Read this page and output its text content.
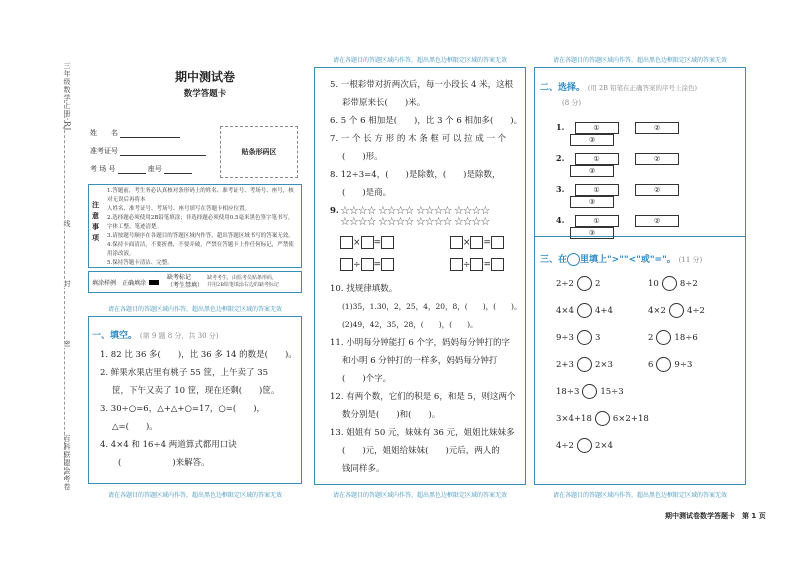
三年级数学上册·RJ
线
封
密
百科联盟金考卷
期中测试卷
数学答题卡
姓　　名
准考证号
考 场 号	座号
贴条形码区
注意事项
1.答题前，考生务必认真核对条形码上的姓名、准考证号、考场号、座号，核对无误后再将本
人姓名、准考证号、考场号、座号填写在答题卡相应位置。
2.选择题必须使用2B铅笔填涂；非选择题必须使用0.5毫米黑色签字笔书写，字体工整、笔迹清楚。
3.请按题号顺序在各题目的答题区域内作答，超出答题区域书写的答案无效。
4.保持卡面清洁，不要折叠，不要弄破，严禁在答题卡上作任何标记，严禁使用涂改液。
5.保持答题卡清洁、完整。
填涂样例 正确填涂
缺考标记（考生禁填）
缺考考生，由监考员贴条形码，并用2B铅笔填涂右边的缺考标记
请在各题目的答题区域内作答，超出黑色边框限定区域的答案无效
一、填空。 (第 9 题 8 分，共 30 分)
1. 82 比 36 多(　　)，比 36 多 14 的数是(　　)。
2. 鲜果水果店里有桃子 55 筐，上午卖了 35
筐，下午又卖了 10 筐，现在还剩(　　)筐。
3. 30÷○=6，△+△+○=17，○=(　　)，
△=(　　)。
4. 4×4 和 16÷4 两道算式都用口诀
(　　　　　　)来解答。
请在各题目的答题区域内作答，超出黑色边框限定区域的答案无效
请在各题目的答题区域内作答，超出黑色边框限定区域的答案无效
5. 一根彩带对折两次后，每一小段长 4 米，这根
彩带原来长(　　)米。
6. 5 个 6 相加是(　　)，比 3 个 6 相加多(　　)。
7. 一 个 长 方 形 的 木 条 框 可 以 拉 成 一 个
(　　)形。
8. 12÷3=4，(　　)是除数，(　　)是除数，
(　　)是商。
9. ☆☆☆☆ ☆☆☆☆ ☆☆☆☆ ☆☆☆☆
☆☆☆☆ ☆☆☆☆ ☆☆☆☆ ☆☆☆☆
× =	× =
÷ =	÷ =
10. 找规律填数。
(1)35，1.30，2，25，4，20，8，(　　)，(　　)。
(2)49，42，35，28，(　　)，(　　)。
11. 小明每分钟能打 6 个字，妈妈每分钟打的字
和小明 6 分钟打的一样多，妈妈每分钟打
(　　)个字。
12. 有两个数，它们的积是 6，和是 5，则这两个
数分别是(　　)和(　　)。
13. 姐姐有 50 元，妹妹有 36 元，姐姐比妹妹多
(　　)元，姐姐给妹妹(　　)元后，两人的
钱同样多。
请在各题目的答题区域内作答，超出黑色边框限定区域的答案无效
请在各题目的答题区域内作答，超出黑色边框限定区域的答案无效
二、选择。 (用 2B 铅笔在正确答案的序号上涂色)
(8 分)
1.	①	② ③
2.	①	② ③
3.	①	② ③
4.	①	② ③
三、在 里填上">""<"或"="。 (11 分)
2÷2 2	10 8÷2
4×4 4+4	4×2 4÷2
9÷3 3	2 18÷6
2+3 2×3	6 9÷3
18÷3 15÷3
3×4+18 6×2+18
4÷2 2×4
请在各题目的答题区域内作答，超出黑色边框限定区域的答案无效
期中测试卷数学答题卡　第 1 页
